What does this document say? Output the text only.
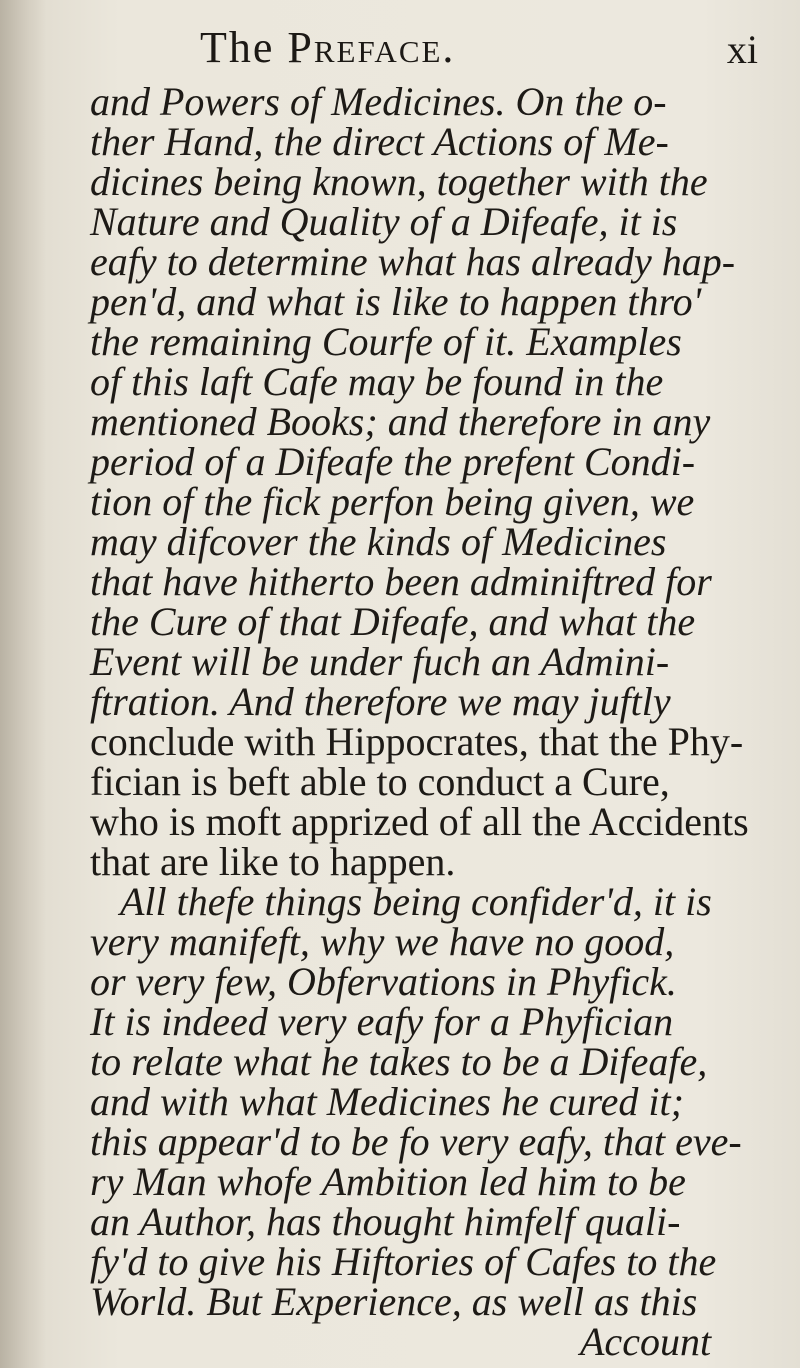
The Preface.	xi
and Powers of Medicines. On the o-
ther Hand, the direct Actions of Me-
dicines being known, together with the
Nature and Quality of a Difeafe, it is
eafy to determine what has already hap-
pen'd, and what is like to happen thro'
the remaining Courfe of it. Examples
of this laft Cafe may be found in the
mentioned Books; and therefore in any
period of a Difeafe the prefent Condi-
tion of the fick perfon being given, we
may difcover the kinds of Medicines
that have hitherto been adminiftred for
the Cure of that Difeafe, and what the
Event will be under fuch an Admini-
ftration. And therefore we may juftly
conclude with Hippocrates, that the Phy-
fician is beft able to conduct a Cure,
who is moft apprized of all the Accidents
that are like to happen.
All thefe things being confider'd, it is
very manifeft, why we have no good,
or very few, Obfervations in Phyfick.
It is indeed very eafy for a Phyfician
to relate what he takes to be a Difeafe,
and with what Medicines he cured it;
this appear'd to be fo very eafy, that eve-
ry Man whofe Ambition led him to be
an Author, has thought himfelf quali-
fy'd to give his Hiftories of Cafes to the
World. But Experience, as well as this
Account
